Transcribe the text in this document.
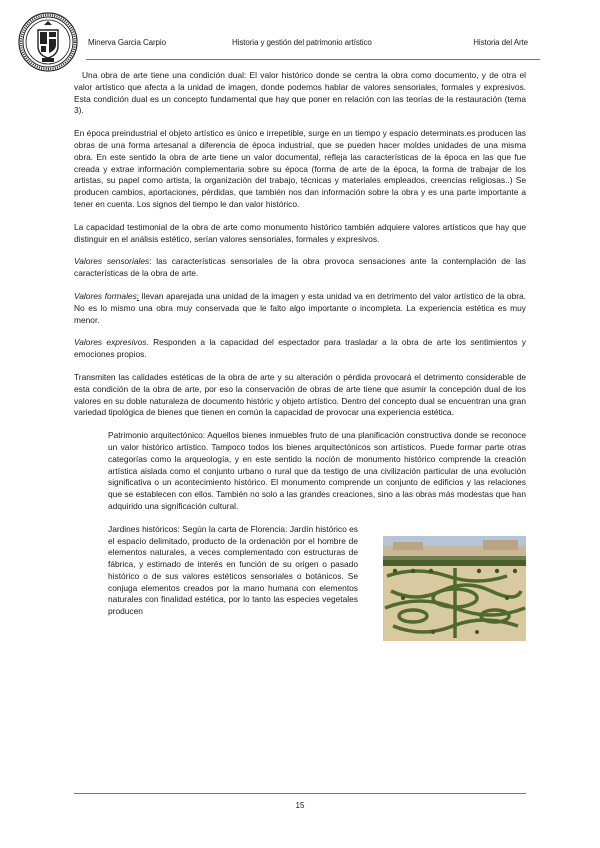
Minerva Garcia Carpio	Historia y gestión del patrimonio artístico	Historia del Arte

Una obra de arte tiene una condición dual: El valor histórico donde se centra la obra como documento, y de otra el valor artístico que afecta a la unidad de imagen, donde podemos hablar de valores sensoriales, formales y expresivos. Esta condición dual es un concepto fundamental que hay que poner en relación con las teorías de la restauración (tema 3).

En época preindustrial el objeto artístico es único e irrepetible, surge en un tiempo y espacio determinats.es producen las obras de una forma artesanal a diferencia de época industrial, que se pueden hacer moldes unidades de una misma obra. En este sentido la obra de arte tiene un valor documental, refleja las características de la época en las que fue creada y extrae información complementaria sobre su época (forma de arte de la época, la forma de trabajar de los artistas, su papel como artista, la organización del trabajo, técnicas y materiales empleados, creencias religiosas..) Se producen cambios, aportaciones, pérdidas, que también nos dan información sobre la obra y es una parte importante a tener en cuenta. Los signos del tiempo le dan valor histórico.

La capacidad testimonial de la obra de arte como monumento histórico también adquiere valores artísticos que hay que distinguir en el análisis estético, serían valores sensoriales, formales y expresivos.

Valores sensoriales: las características sensoriales de la obra provoca sensaciones ante la contemplación de las características de la obra de arte.

Valores formales: llevan aparejada una unidad de la imagen y esta unidad va en detrimento del valor artístico de la obra. No es lo mismo una obra muy conservada que le falto algo importante o incompleta. La experiencia estética es muy menor.

Valores expresivos. Responden a la capacidad del espectador para trasladar a la obra de arte los sentimientos y emociones propios.

Transmiten las calidades estéticas de la obra de arte y su alteración o pérdida provocará el detrimento considerable de esta condición de la obra de arte, por eso la conservación de obras de arte tiene que asumir la concepción dual de los valores en su doble naturaleza de documento históric y objeto artístico. Dentro del concepto dual se encuentran una gran variedad tipológica de bienes que tienen en común la capacidad de provocar una experiencia estética.

Patrimonio arquitectónico: Aquellos bienes inmuebles fruto de una planificación constructiva donde se reconoce un valor histórico artístico. Tampoco todos los bienes arquitectónicos son artísticos. Puede formar parte otras categorías como la arqueología, y en este sentido la noción de monumento histórico comprende la creación artística aislada como el conjunto urbano o rural que da testigo de una civilización particular de una evolución significativa o un acontecimiento histórico. El monumento comprende un conjunto de edificios y las relaciones que se establecen con ellos. También no solo a las grandes creaciones, sino a las obras más modestas que han adquirido una significación cultural.

Jardines históricos: Según la carta de Florencia: Jardín histórico es el espacio delimitado, producto de la ordenación por el hombre de elementos naturales, a veces complementado con estructuras de fábrica, y estimado de interés en función de su origen o pasado histórico o de sus valores estéticos sensoriales o botánicos. Se conjuga elementos creados por la mano humana con elementos naturales con finalidad estética, por lo tanto las especies vegetales producen

15
